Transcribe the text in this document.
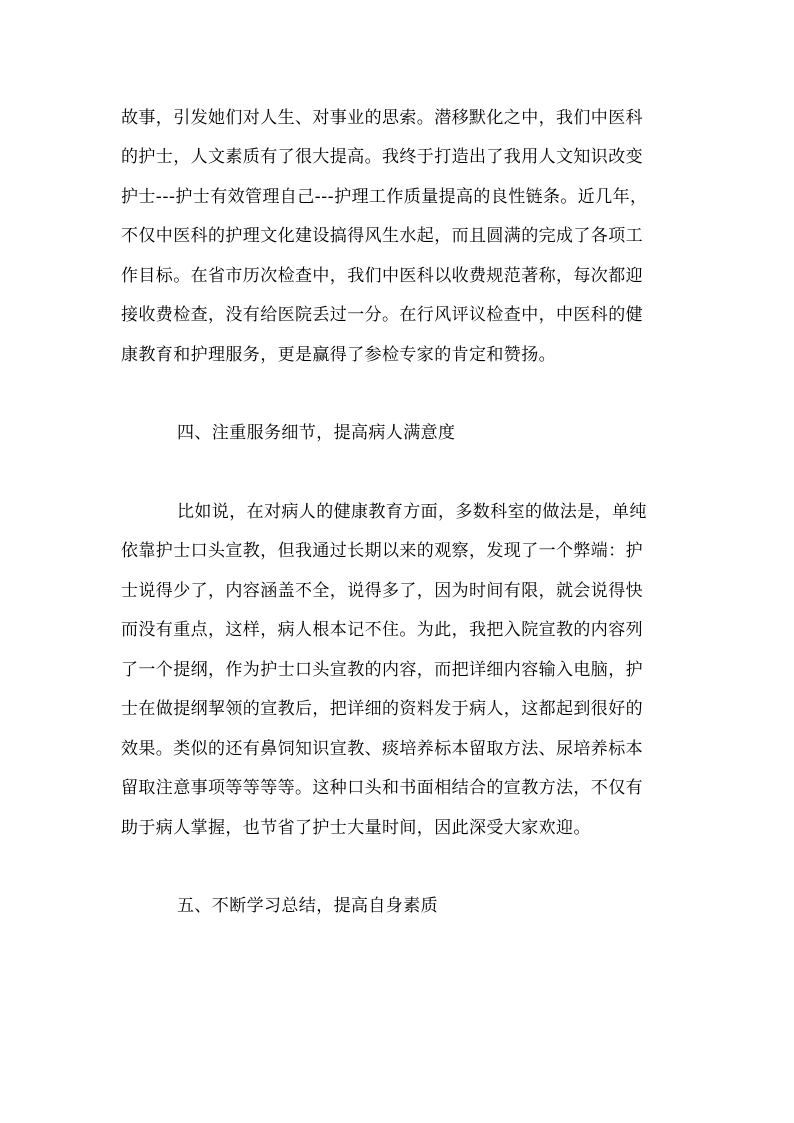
故事，引发她们对人生、对事业的思索。潜移默化之中，我们中医科
的护士，人文素质有了很大提高。我终于打造出了我用人文知识改变
护士---护士有效管理自己---护理工作质量提高的良性链条。近几年，
不仅中医科的护理文化建设搞得风生水起，而且圆满的完成了各项工
作目标。在省市历次检查中，我们中医科以收费规范著称，每次都迎
接收费检查，没有给医院丢过一分。在行风评议检查中，中医科的健
康教育和护理服务，更是赢得了参检专家的肯定和赞扬。
四、注重服务细节，提高病人满意度
比如说，在对病人的健康教育方面，多数科室的做法是，单纯
依靠护士口头宣教，但我通过长期以来的观察，发现了一个弊端：护
士说得少了，内容涵盖不全，说得多了，因为时间有限，就会说得快
而没有重点，这样，病人根本记不住。为此，我把入院宣教的内容列
了一个提纲，作为护士口头宣教的内容，而把详细内容输入电脑，护
士在做提纲挈领的宣教后，把详细的资料发于病人，这都起到很好的
效果。类似的还有鼻饲知识宣教、痰培养标本留取方法、尿培养标本
留取注意事项等等等等。这种口头和书面相结合的宣教方法，不仅有
助于病人掌握，也节省了护士大量时间，因此深受大家欢迎。
五、不断学习总结，提高自身素质
